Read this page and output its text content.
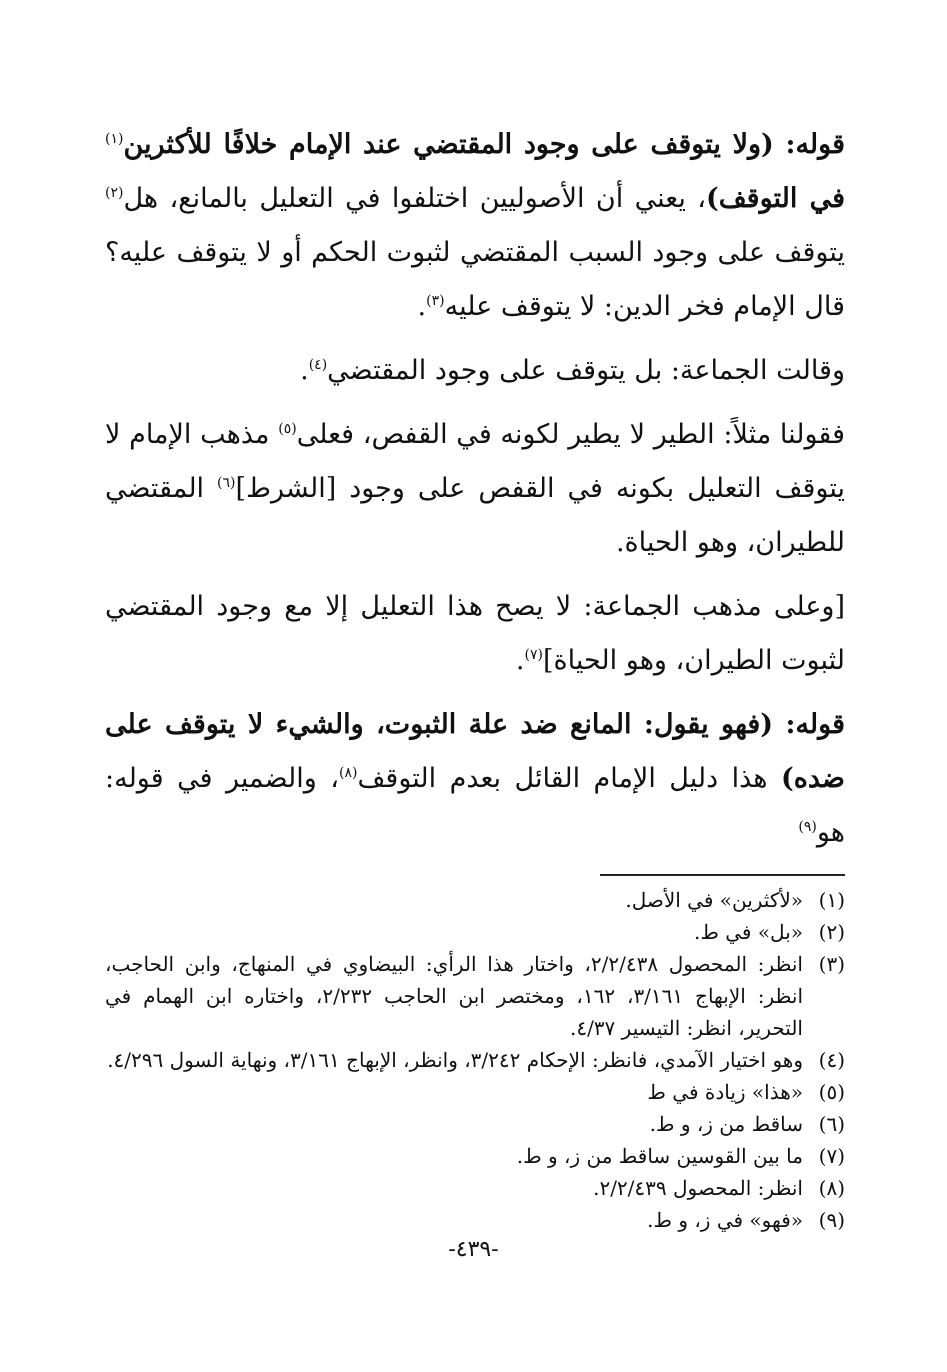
قوله: (ولا يتوقف على وجود المقتضي عند الإمام خلافًا للأكثرين$^{(١)}$ في التوقف)، يعني أن الأصوليين اختلفوا في التعليل بالمانع، هل$^{(٢)}$ يتوقف على وجود السبب المقتضي لثبوت الحكم أو لا يتوقف عليه؟ قال الإمام فخر الدين: لا يتوقف عليه$^{(٣)}$.

وقالت الجماعة: بل يتوقف على وجود المقتضي$^{(٤)}$.

فقولنا مثلاً: الطير لا يطير لكونه في القفص، فعلى$^{(٥)}$ مذهب الإمام لا يتوقف التعليل بكونه في القفص على وجود [الشرط]$^{(٦)}$ المقتضي للطيران، وهو الحياة.

[وعلى مذهب الجماعة: لا يصح هذا التعليل إلا مع وجود المقتضي لثبوت الطيران، وهو الحياة]$^{(٧)}$.

قوله: (فهو يقول: المانع ضد علة الثبوت، والشيء لا يتوقف على ضده) هذا دليل الإمام القائل بعدم التوقف$^{(٨)}$، والضمير في قوله: هو$^{(٩)}$

(١)
«لأكثرين» في الأصل.
(٢)
«بل» في ط.
(٣)
انظر: المحصول ٢/٢/٤٣٨، واختار هذا الرأي: البيضاوي في المنهاج، وابن الحاجب، انظر: الإبهاج ٣/١٦١، ١٦٢، ومختصر ابن الحاجب ٢/٢٣٢، واختاره ابن الهمام في التحرير، انظر: التيسير ٤/٣٧.
(٤)
وهو اختيار الآمدي، فانظر: الإحكام ٣/٢٤٢، وانظر، الإبهاج ٣/١٦١، ونهاية السول ٤/٢٩٦.
(٥)
«هذا» زيادة في ط
(٦)
ساقط من ز، و ط.
(٧)
ما بين القوسين ساقط من ز، و ط.
(٨)
انظر: المحصول ٢/٢/٤٣٩.
(٩)
«فهو» في ز، و ط.
-٤٣٩-
